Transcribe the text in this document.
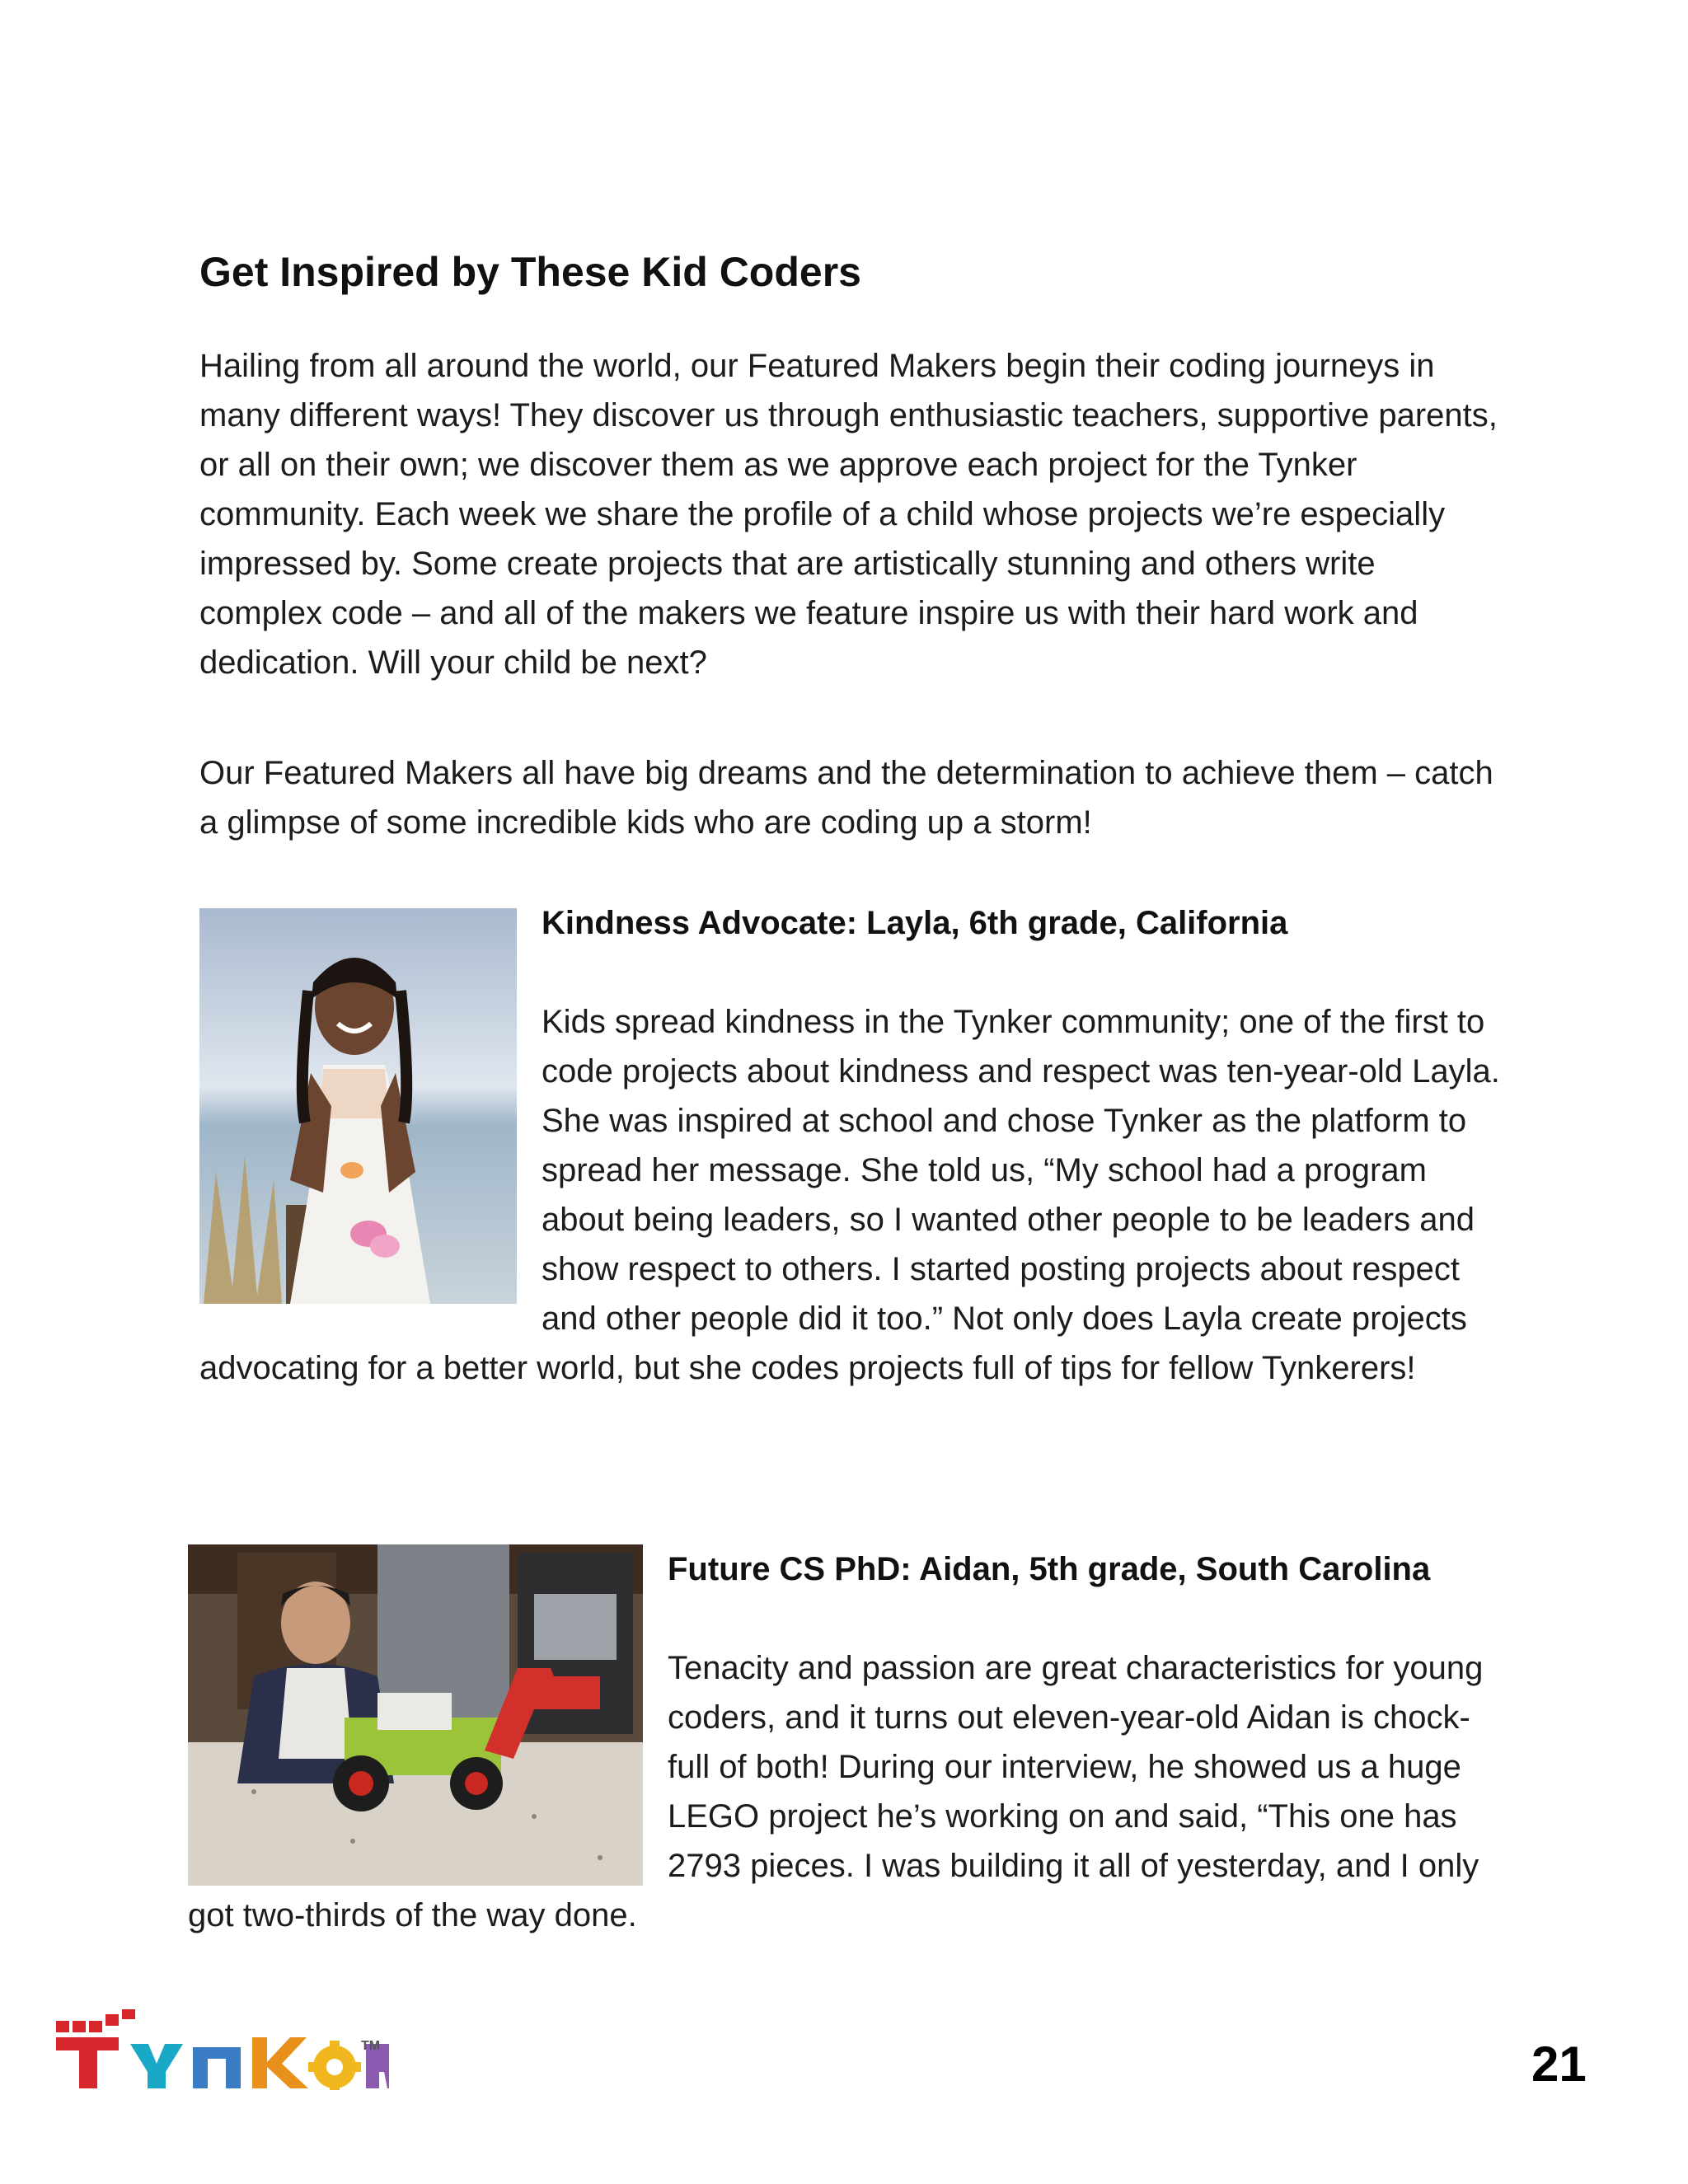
Get Inspired by These Kid Coders

Hailing from all around the world, our Featured Makers begin their coding journeys in many different ways! They discover us through enthusiastic teachers, supportive parents, or all on their own; we discover them as we approve each project for the Tynker community. Each week we share the profile of a child whose projects we’re especially impressed by. Some create projects that are artistically stunning and others write complex code – and all of the makers we feature inspire us with their hard work and dedication. Will your child be next?

Our Featured Makers all have big dreams and the determination to achieve them – catch a glimpse of some incredible kids who are coding up a storm!

Kindness Advocate: Layla, 6th grade, California

Kids spread kindness in the Tynker community; one of the first to code projects about kindness and respect was ten-year-old Layla. She was inspired at school and chose Tynker as the platform to spread her message. She told us, “My school had a program about being leaders, so I wanted other people to be leaders and show respect to others. I started posting projects about respect and other people did it too.” Not only does Layla create projects advocating for a better world, but she codes projects full of tips for fellow Tynkerers!

Future CS PhD: Aidan, 5th grade, South Carolina

Tenacity and passion are great characteristics for young coders, and it turns out eleven-year-old Aidan is chock-full of both! During our interview, he showed us a huge LEGO project he’s working on and said, “This one has 2793 pieces. I was building it all of yesterday, and I only got two-thirds of the way done.

TM	21
